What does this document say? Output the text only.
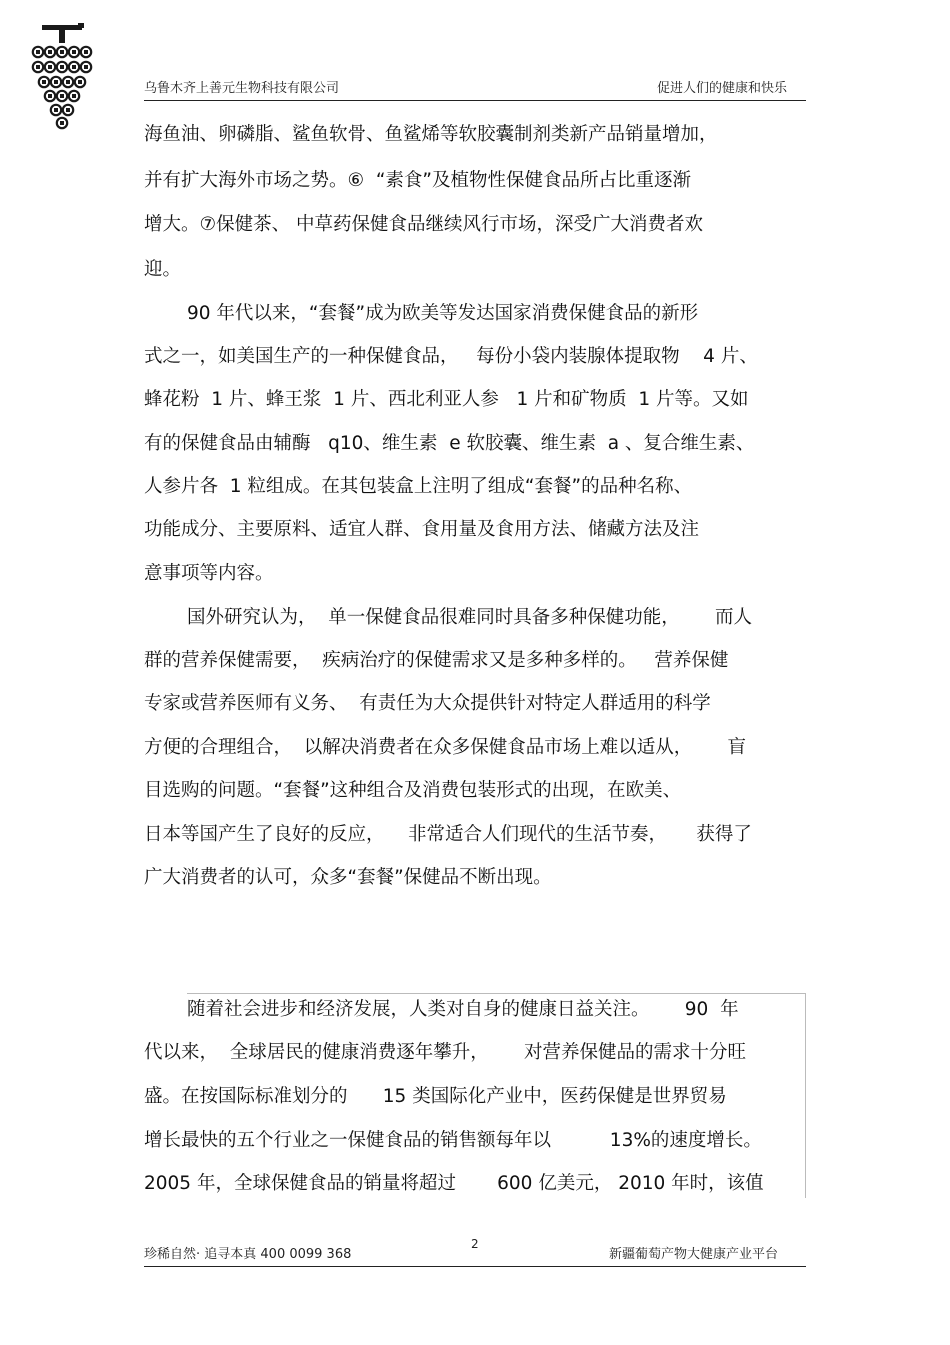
乌鲁木齐上善元生物科技有限公司	促进人们的健康和快乐
海鱼油、卵磷脂、鲨鱼软骨、鱼鲨烯等软胶囊制剂类新产品销量增加，
并有扩大海外市场之势。⑥  “素食”及植物性保健食品所占比重逐渐
增大。⑦保健茶、 中草药保健食品继续风行市场，深受广大消费者欢
迎。
90 年代以来，“套餐”成为欧美等发达国家消费保健食品的新形
式之一，如美国生产的一种保健食品，   每份小袋内装腺体提取物    4 片、
蜂花粉  1 片、蜂王浆  1 片、西北利亚人参   1 片和矿物质  1 片等。又如
有的保健食品由辅酶   q10、维生素  e 软胶囊、维生素  a 、复合维生素、
人参片各  1 粒组成。在其包装盒上注明了组成“套餐”的品种名称、
功能成分、主要原料、适宜人群、食用量及食用方法、储藏方法及注
意事项等内容。
国外研究认为，  单一保健食品很难同时具备多种保健功能，      而人
群的营养保健需要，  疾病治疗的保健需求又是多种多样的。   营养保健
专家或营养医师有义务、  有责任为大众提供针对特定人群适用的科学
方便的合理组合，  以解决消费者在众多保健食品市场上难以适从，      盲
目选购的问题。“套餐”这种组合及消费包装形式的出现，在欧美、
日本等国产生了良好的反应，    非常适合人们现代的生活节奏，     获得了
广大消费者的认可，众多“套餐”保健品不断出现。
随着社会进步和经济发展，人类对自身的健康日益关注。      90  年
代以来，  全球居民的健康消费逐年攀升，      对营养保健品的需求十分旺
盛。在按国际标准划分的      15 类国际化产业中，医药保健是世界贸易
增长最快的五个行业之一保健食品的销售额每年以          13%的速度增长。
2005 年，全球保健食品的销量将超过       600 亿美元， 2010 年时，该值
珍稀自然· 追寻本真 400 0099 368
2
新疆葡萄产物大健康产业平台
